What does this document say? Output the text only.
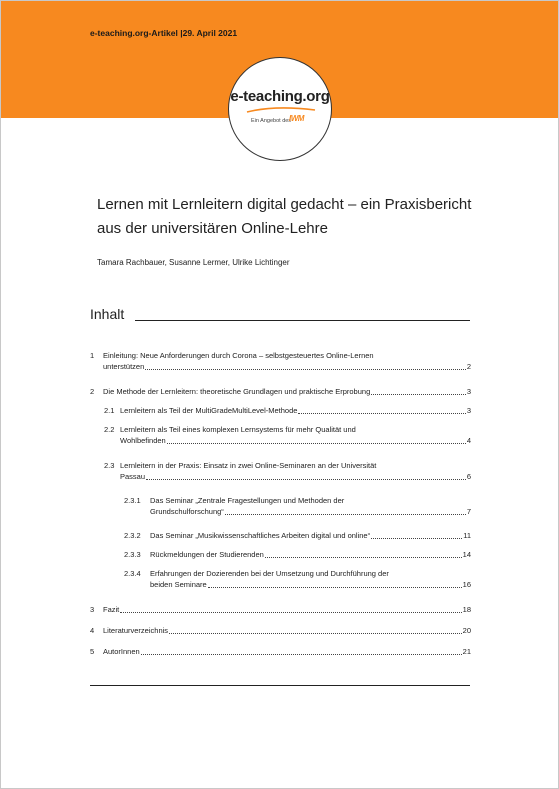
e-teaching.org-Artikel |29. April 2021
e-teaching.org
Ein Angebot des
IWM
Lernen mit Lernleitern digital gedacht – ein Praxisbericht aus der universitären Online-Lehre
Tamara Rachbauer, Susanne Lermer, Ulrike Lichtinger
Inhalt
1 Einleitung: Neue Anforderungen durch Corona – selbstgesteuertes Online-Lernen
unterstützen	2
2 Die Methode der Lernleitern: theoretische Grundlagen und praktische Erprobung	3
2.1 Lernleitern als Teil der MultiGradeMultiLevel-Methode	3
2.2 Lernleitern als Teil eines komplexen Lernsystems für mehr Qualität und
Wohlbefinden	4
2.3 Lernleitern in der Praxis: Einsatz in zwei Online-Seminaren an der Universität
Passau	6
2.3.1 Das Seminar „Zentrale Fragestellungen und Methoden der
Grundschulforschung“	7
2.3.2 Das Seminar „Musikwissenschaftliches Arbeiten digital und online“	11
2.3.3 Rückmeldungen der Studierenden	14
2.3.4 Erfahrungen der Dozierenden bei der Umsetzung und Durchführung der
beiden Seminare	16
3 Fazit	18
4 Literaturverzeichnis	20
5 AutorInnen	21
